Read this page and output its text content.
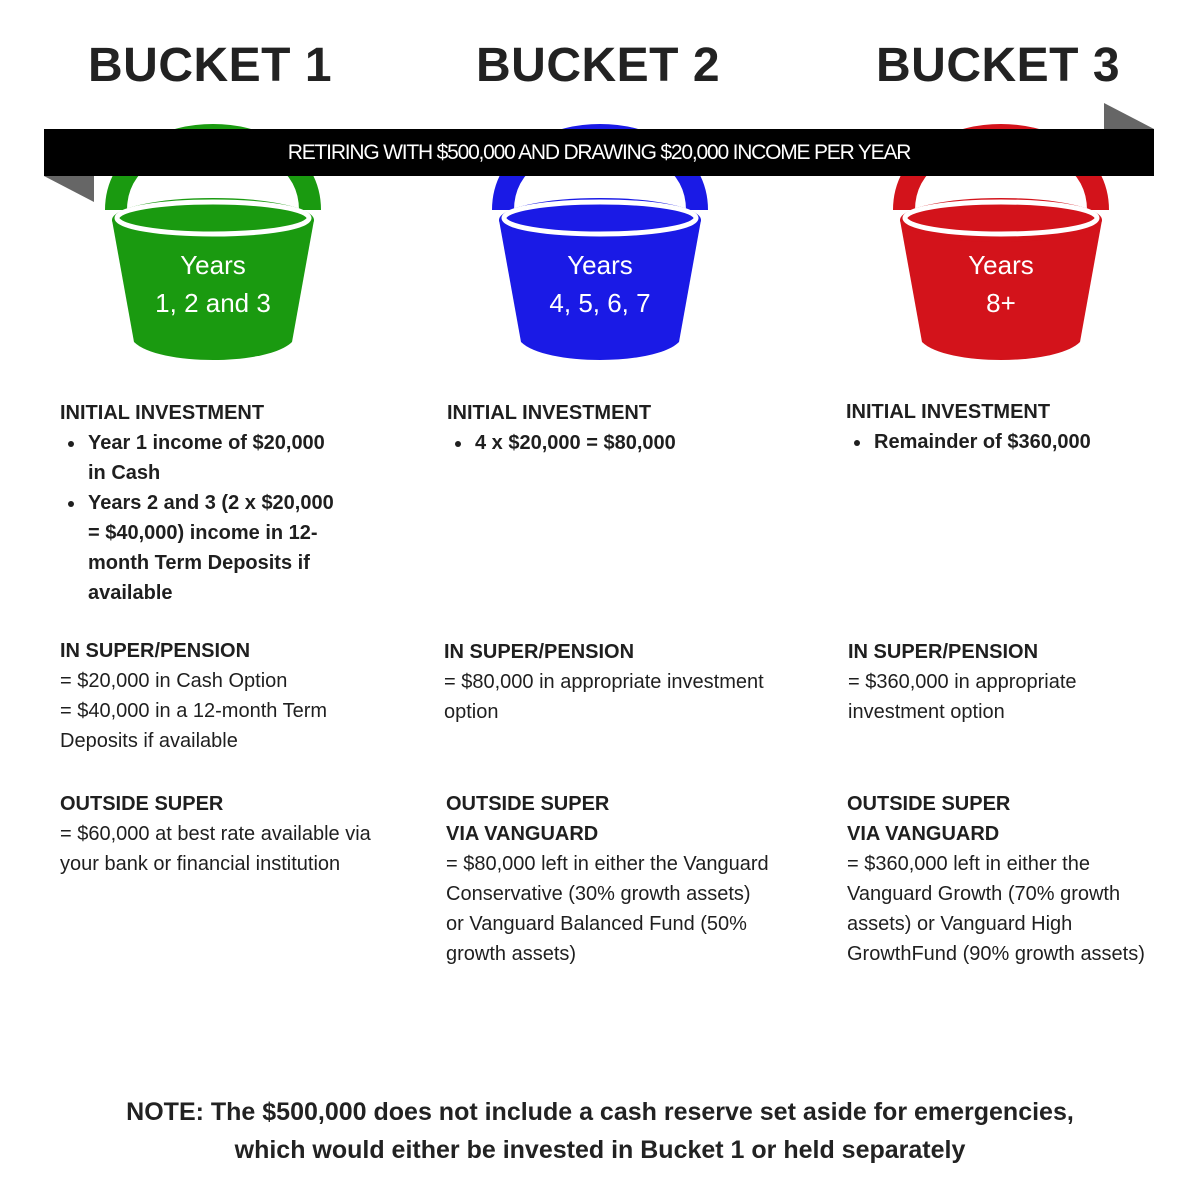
BUCKET 1	BUCKET 2	BUCKET 3
Years
1, 2 and 3
Years
4, 5, 6, 7
Years
8+
RETIRING WITH $500,000 AND DRAWING $20,000 INCOME PER YEAR
INITIAL INVESTMENT
Year 1 income of $20,000
in Cash
Years 2 and 3 (2 x $20,000
= $40,000) income in 12-
month Term Deposits if
available
IN SUPER/PENSION
= $20,000 in Cash Option
= $40,000 in a 12-month Term
Deposits if available
OUTSIDE SUPER
= $60,000 at best rate available via
your bank or financial institution
INITIAL INVESTMENT
4 x $20,000 = $80,000
IN SUPER/PENSION
= $80,000 in appropriate investment
option
OUTSIDE SUPER
VIA VANGUARD
= $80,000 left in either the Vanguard
Conservative (30% growth assets)
or Vanguard Balanced Fund (50%
growth assets)
INITIAL INVESTMENT
Remainder of $360,000
IN SUPER/PENSION
= $360,000 in appropriate
investment option
OUTSIDE SUPER
VIA VANGUARD
= $360,000 left in either the
Vanguard Growth (70% growth
assets) or Vanguard High
GrowthFund (90% growth assets)
NOTE: The $500,000 does not include a cash reserve set aside for emergencies,
which would either be invested in Bucket 1 or held separately
